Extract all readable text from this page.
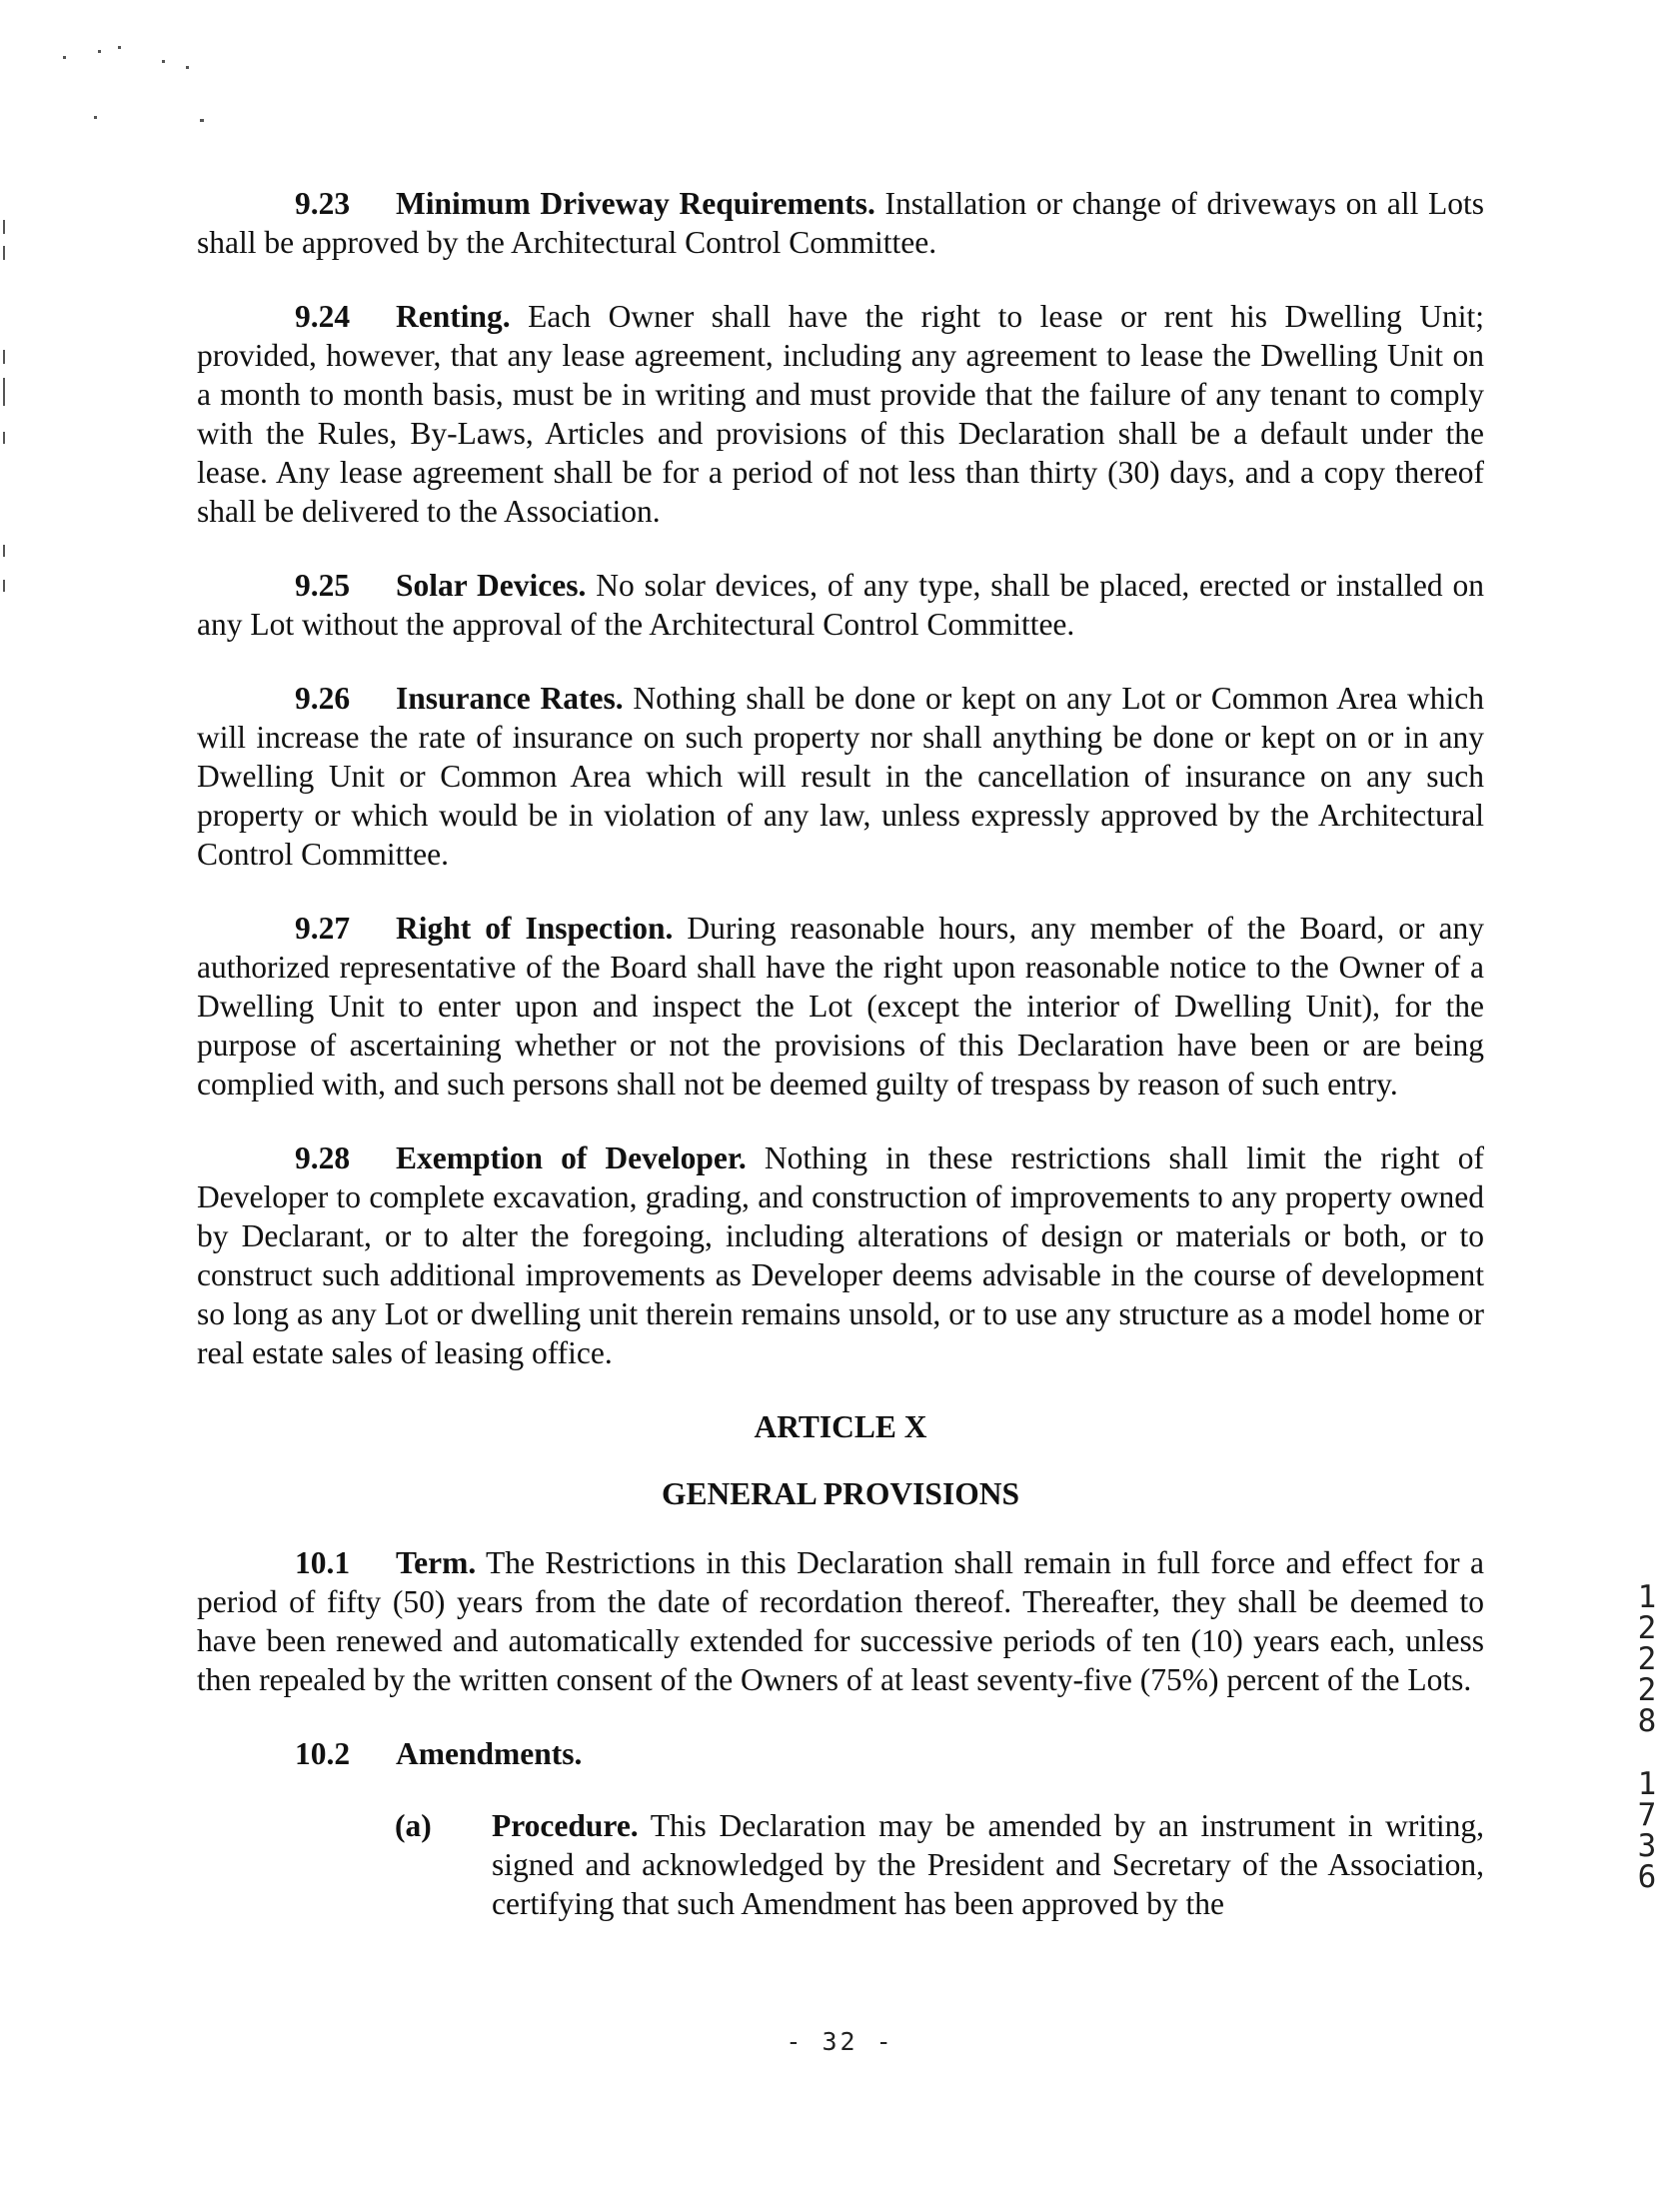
9.23 Minimum Driveway Requirements. Installation or change of driveways on all Lots shall be approved by the Architectural Control Committee.

9.24 Renting. Each Owner shall have the right to lease or rent his Dwelling Unit; provided, however, that any lease agreement, including any agreement to lease the Dwelling Unit on a month to month basis, must be in writing and must provide that the failure of any tenant to comply with the Rules, By-Laws, Articles and provisions of this Declaration shall be a default under the lease. Any lease agreement shall be for a period of not less than thirty (30) days, and a copy thereof shall be delivered to the Association.

9.25 Solar Devices. No solar devices, of any type, shall be placed, erected or installed on any Lot without the approval of the Architectural Control Committee.

9.26 Insurance Rates. Nothing shall be done or kept on any Lot or Common Area which will increase the rate of insurance on such property nor shall anything be done or kept on or in any Dwelling Unit or Common Area which will result in the cancellation of insurance on any such property or which would be in violation of any law, unless expressly approved by the Architectural Control Committee.

9.27 Right of Inspection. During reasonable hours, any member of the Board, or any authorized representative of the Board shall have the right upon reasonable notice to the Owner of a Dwelling Unit to enter upon and inspect the Lot (except the interior of Dwelling Unit), for the purpose of ascertaining whether or not the provisions of this Declaration have been or are being complied with, and such persons shall not be deemed guilty of trespass by reason of such entry.

9.28 Exemption of Developer. Nothing in these restrictions shall limit the right of Developer to complete excavation, grading, and construction of improvements to any property owned by Declarant, or to alter the foregoing, including alterations of design or materials or both, or to construct such additional improvements as Developer deems advisable in the course of development so long as any Lot or dwelling unit therein remains unsold, or to use any structure as a model home or real estate sales of leasing office.

ARTICLE X

GENERAL PROVISIONS

10.1 Term. The Restrictions in this Declaration shall remain in full force and effect for a period of fifty (50) years from the date of recordation thereof. Thereafter, they shall be deemed to have been renewed and automatically extended for successive periods of ten (10) years each, unless then repealed by the written consent of the Owners of at least seventy-five (75%) percent of the Lots.

10.2 Amendments.

(a) Procedure. This Declaration may be amended by an instrument in writing, signed and acknowledged by the President and Secretary of the Association, certifying that such Amendment has been approved by the

1
2
2
2
8
1
7
3
6
- 32 -
